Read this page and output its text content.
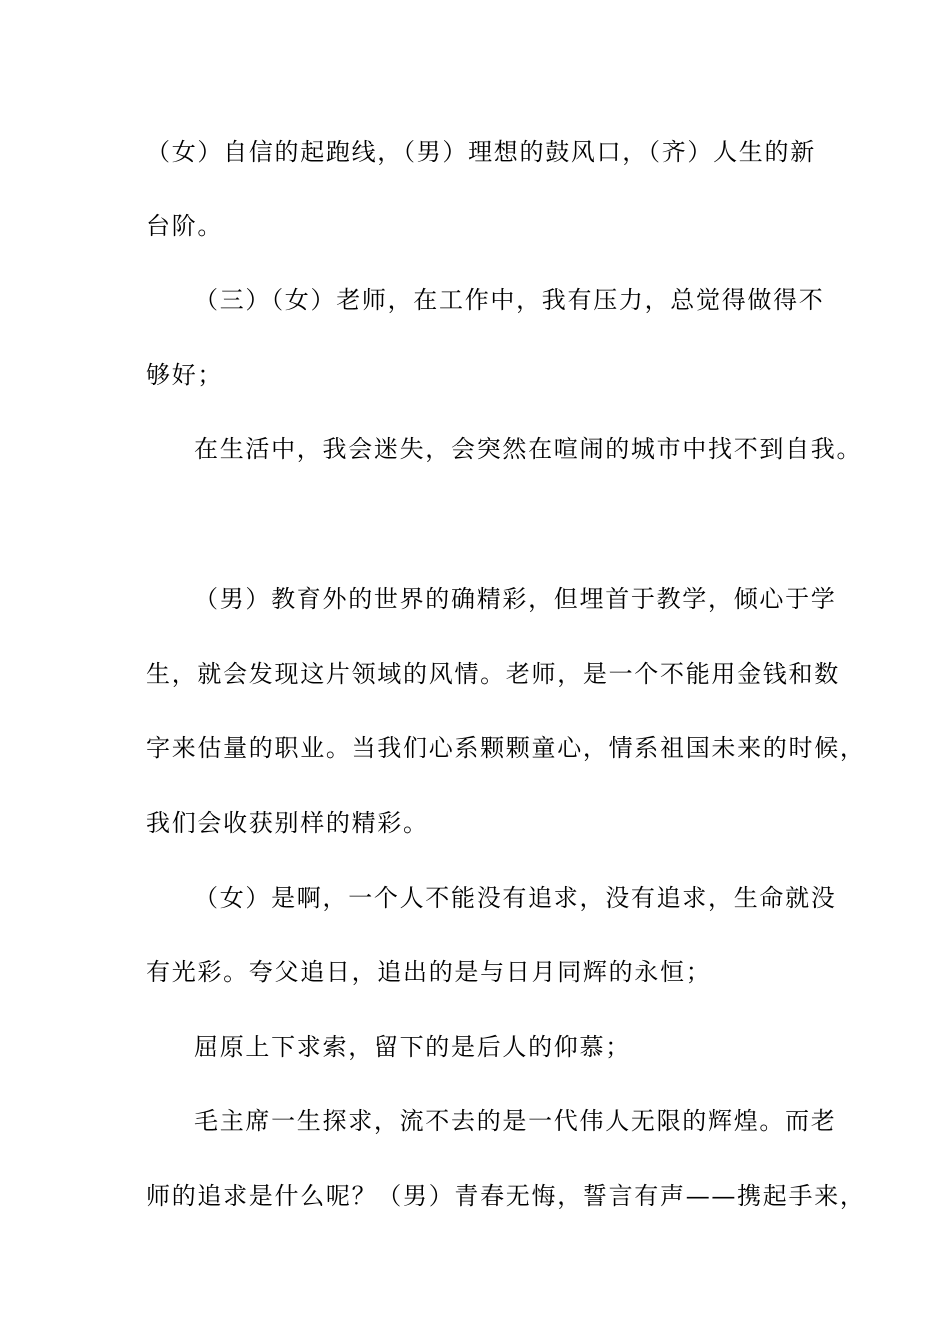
（女）自信的起跑线，（男）理想的鼓风口，（齐）人生的新
台阶。
（三）（女）老师，在工作中，我有压力，总觉得做得不
够好；
在生活中，我会迷失，会突然在喧闹的城市中找不到自我。
（男）教育外的世界的确精彩，但埋首于教学，倾心于学
生，就会发现这片领域的风情。老师，是一个不能用金钱和数
字来估量的职业。当我们心系颗颗童心，情系祖国未来的时候，
我们会收获别样的精彩。
（女）是啊，一个人不能没有追求，没有追求，生命就没
有光彩。夸父追日，追出的是与日月同辉的永恒；
屈原上下求索，留下的是后人的仰慕；
毛主席一生探求，流不去的是一代伟人无限的辉煌。而老
师的追求是什么呢？（男）青春无悔，誓言有声——携起手来，
